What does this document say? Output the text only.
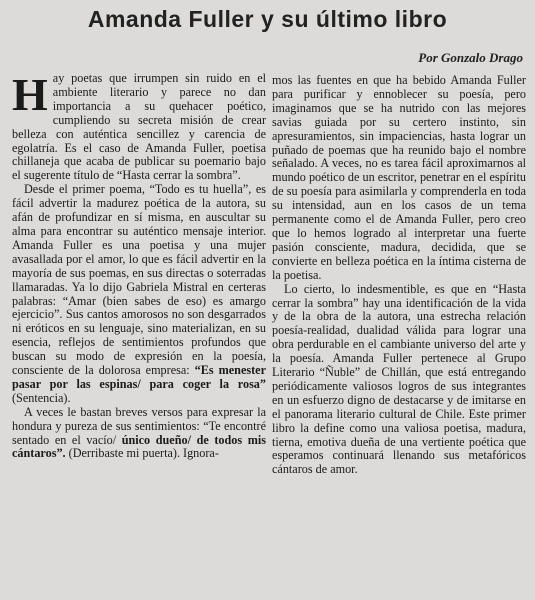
Amanda Fuller y su último libro
Por Gonzalo Drago

Hay poetas que irrumpen sin ruido en el ambiente literario y parece no dan importancia a su quehacer poético, cumpliendo su secreta misión de crear belleza con auténtica sencillez y carencia de egolatría. Es el caso de Amanda Fuller, poetisa chillaneja que acaba de publicar su poemario bajo el sugerente título de “Hasta cerrar la sombra”.

Desde el primer poema, “Todo es tu huella”, es fácil advertir la madurez poética de la autora, su afán de profundizar en sí misma, en auscultar su alma para encontrar su auténtico mensaje interior. Amanda Fuller es una poetisa y una mujer avasallada por el amor, lo que es fácil advertir en la mayoría de sus poemas, en sus directas o soterradas llamaradas. Ya lo dijo Gabriela Mistral en certeras palabras: “Amar (bien sabes de eso) es amargo ejercicio”. Sus cantos amorosos no son desgarrados ni eróticos en su lenguaje, sino materializan, en su esencia, reflejos de sentimientos profundos que buscan su modo de expresión en la poesía, consciente de la dolorosa empresa: “Es menester pasar por las espinas/ para coger la rosa” (Sentencia).

A veces le bastan breves versos para expresar la hondura y pureza de sus sentimientos: “Te encontré sentado en el vacío/ único dueño/ de todos mis cántaros”. (Derribaste mi puerta). Ignora-

mos las fuentes en que ha bebido Amanda Fuller para purificar y ennoblecer su poesía, pero imaginamos que se ha nutrido con las mejores savias guiada por su certero instinto, sin apresuramientos, sin impaciencias, hasta lograr un puñado de poemas que ha reunido bajo el nombre señalado. A veces, no es tarea fácil aproximarnos al mundo poético de un escritor, penetrar en el espíritu de su poesía para asimilarla y comprenderla en toda su intensidad, aun en los casos de un tema permanente como el de Amanda Fuller, pero creo que lo hemos logrado al interpretar una fuerte pasión consciente, madura, decidida, que se convierte en belleza poética en la íntima cisterna de la poetisa.

Lo cierto, lo indesmentible, es que en “Hasta cerrar la sombra” hay una identificación de la vida y de la obra de la autora, una estrecha relación poesía-realidad, dualidad válida para lograr una obra perdurable en el cambiante universo del arte y la poesía. Amanda Fuller pertenece al Grupo Literario “Ñuble” de Chillán, que está entregando periódicamente valiosos logros de sus integrantes en un esfuerzo digno de destacarse y de imitarse en el panorama literario cultural de Chile. Este primer libro la define como una valiosa poetisa, madura, tierna, emotiva dueña de una vertiente poética que esperamos continuará llenando sus metafóricos cántaros de amor.
